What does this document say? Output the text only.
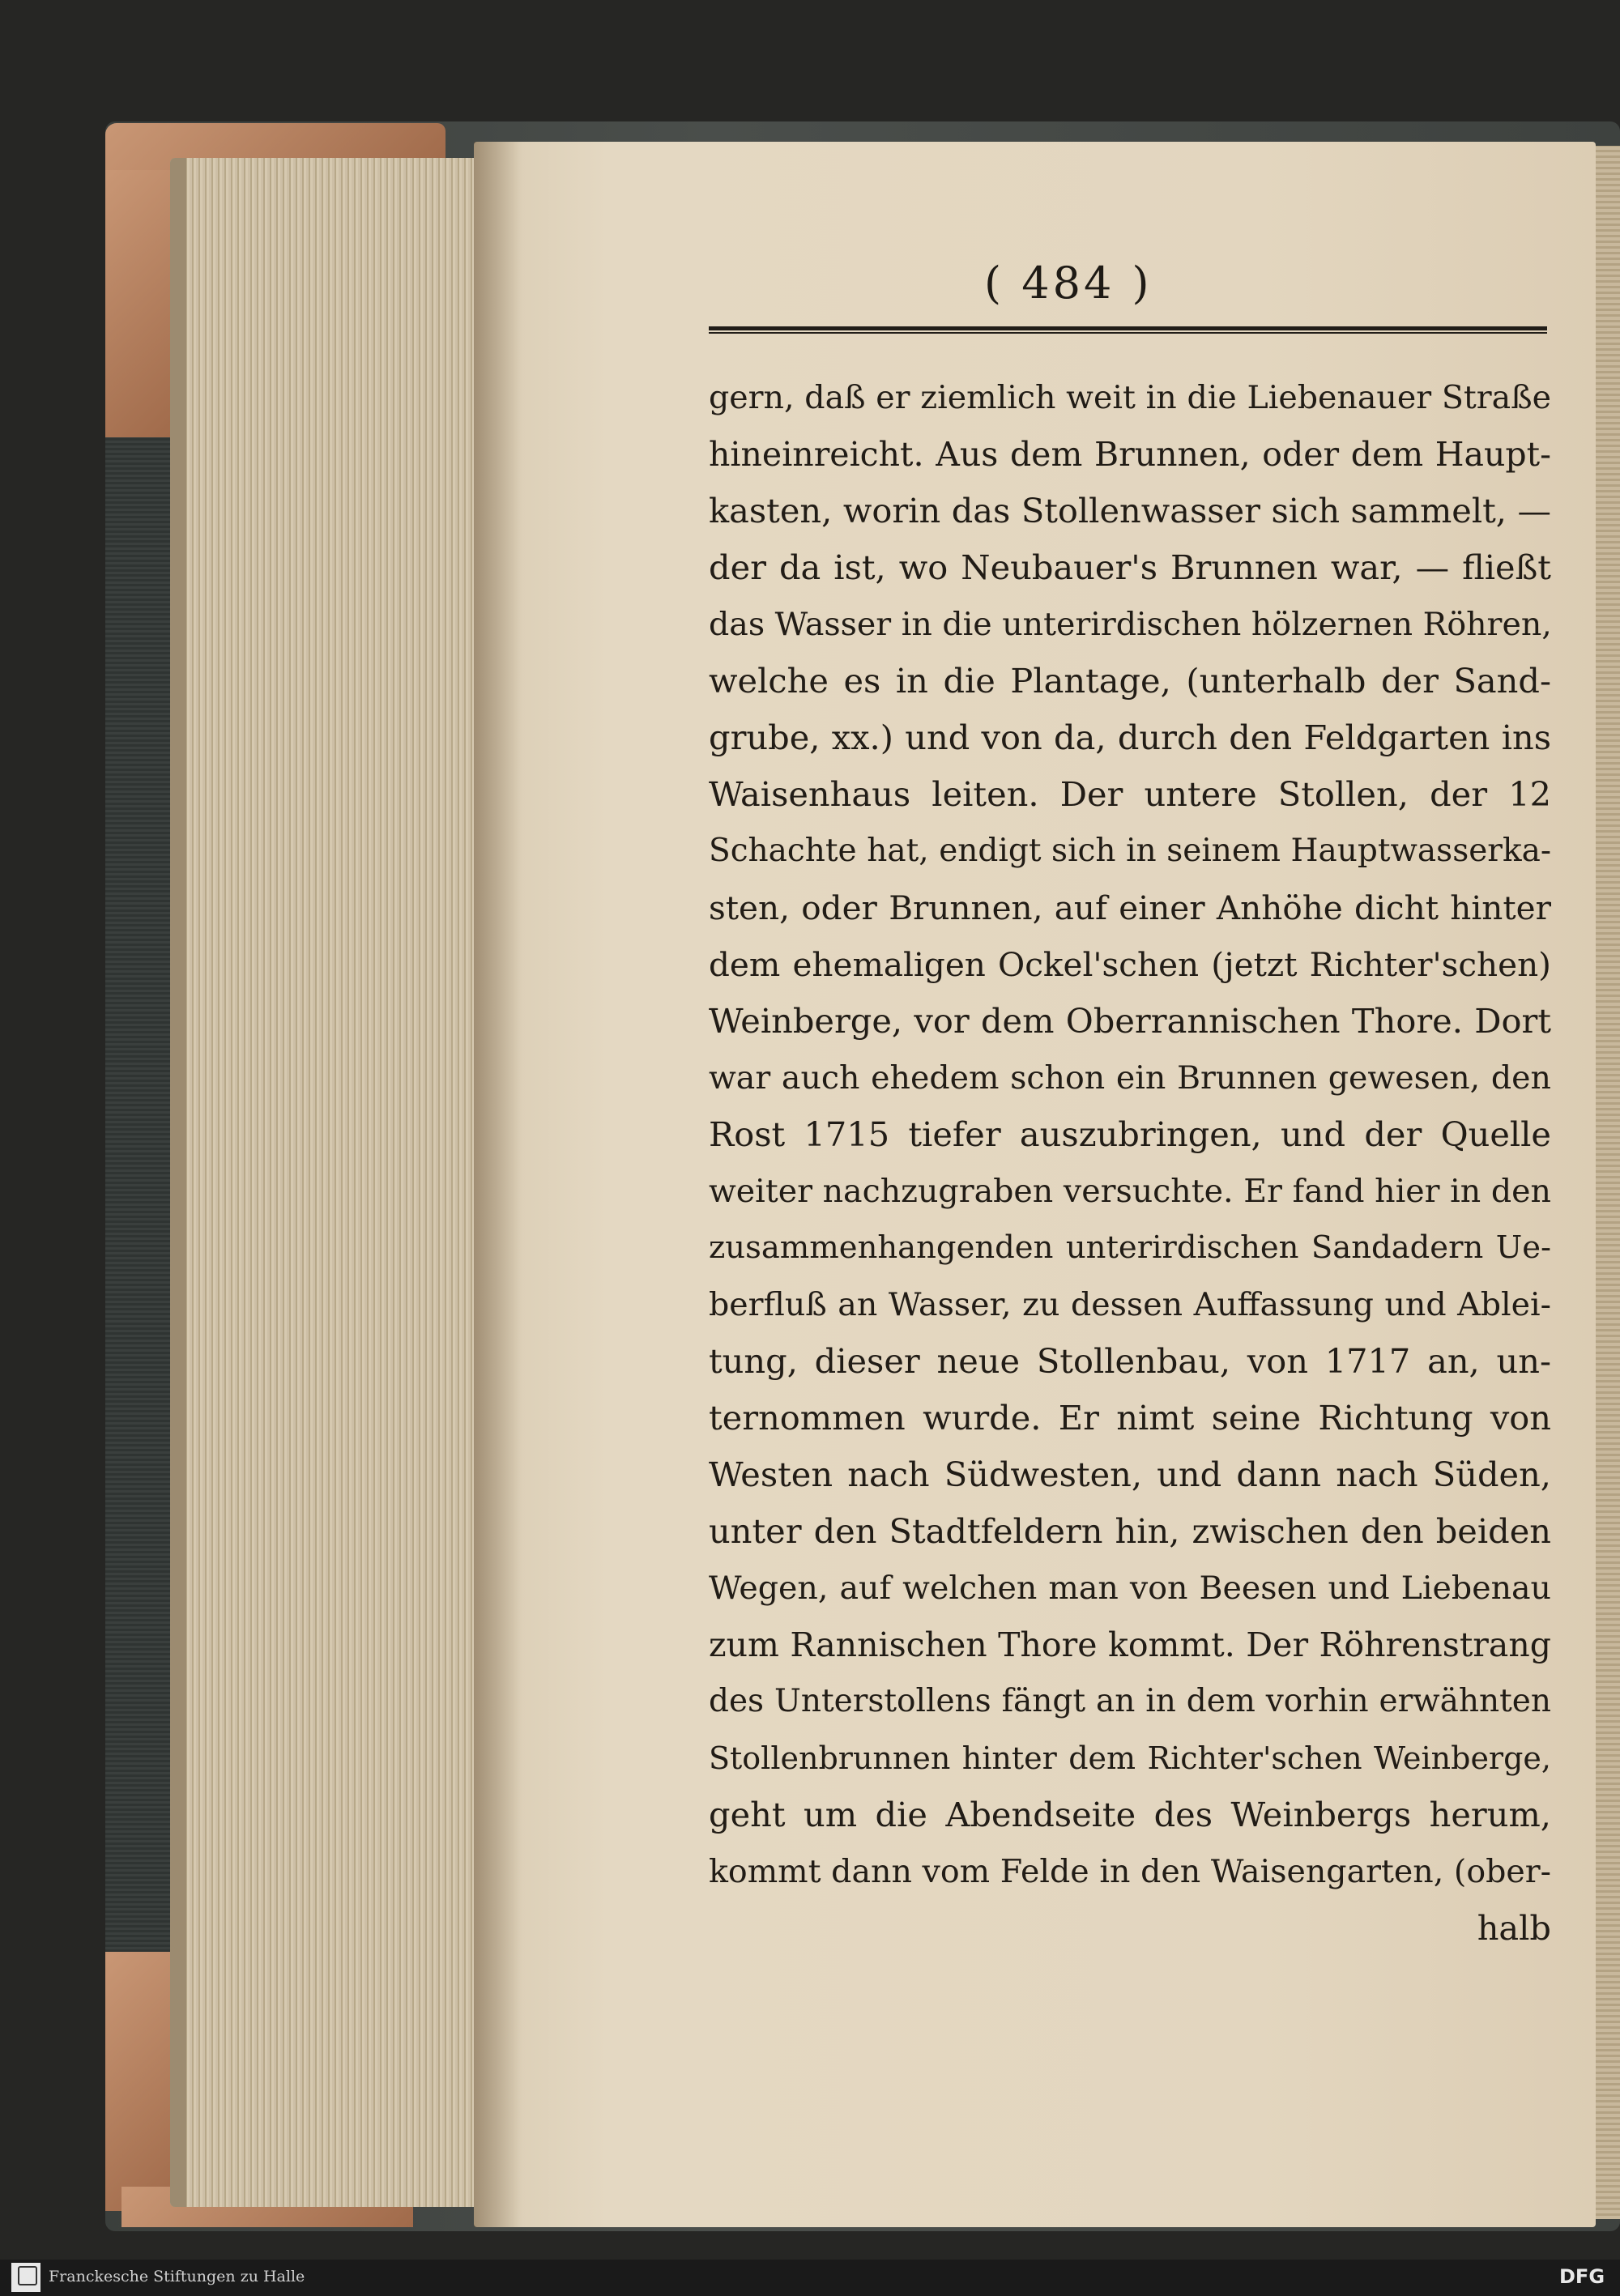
( 484 )
gern, daß er ziemlich weit in die Liebenauer Straße
hineinreicht. Aus dem Brunnen, oder dem Haupt-
kasten, worin das Stollenwasser sich sammelt, —
der da ist, wo Neubauer's Brunnen war, — fließt
das Wasser in die unterirdischen hölzernen Röhren,
welche es in die Plantage, (unterhalb der Sand-
grube, xx.) und von da, durch den Feldgarten ins
Waisenhaus leiten. Der untere Stollen, der 12
Schachte hat, endigt sich in seinem Hauptwasserka-
sten, oder Brunnen, auf einer Anhöhe dicht hinter
dem ehemaligen Ockel'schen (jetzt Richter'schen)
Weinberge, vor dem Oberrannischen Thore. Dort
war auch ehedem schon ein Brunnen gewesen, den
Rost 1715 tiefer auszubringen, und der Quelle
weiter nachzugraben versuchte. Er fand hier in den
zusammenhangenden unterirdischen Sandadern Ue-
berfluß an Wasser, zu dessen Auffassung und Ablei-
tung, dieser neue Stollenbau, von 1717 an, un-
ternommen wurde. Er nimt seine Richtung von
Westen nach Südwesten, und dann nach Süden,
unter den Stadtfeldern hin, zwischen den beiden
Wegen, auf welchen man von Beesen und Liebenau
zum Rannischen Thore kommt. Der Röhrenstrang
des Unterstollens fängt an in dem vorhin erwähnten
Stollenbrunnen hinter dem Richter'schen Weinberge,
geht um die Abendseite des Weinbergs herum,
kommt dann vom Felde in den Waisengarten, (ober-
halb
Franckesche Stiftungen zu Halle	DFG
